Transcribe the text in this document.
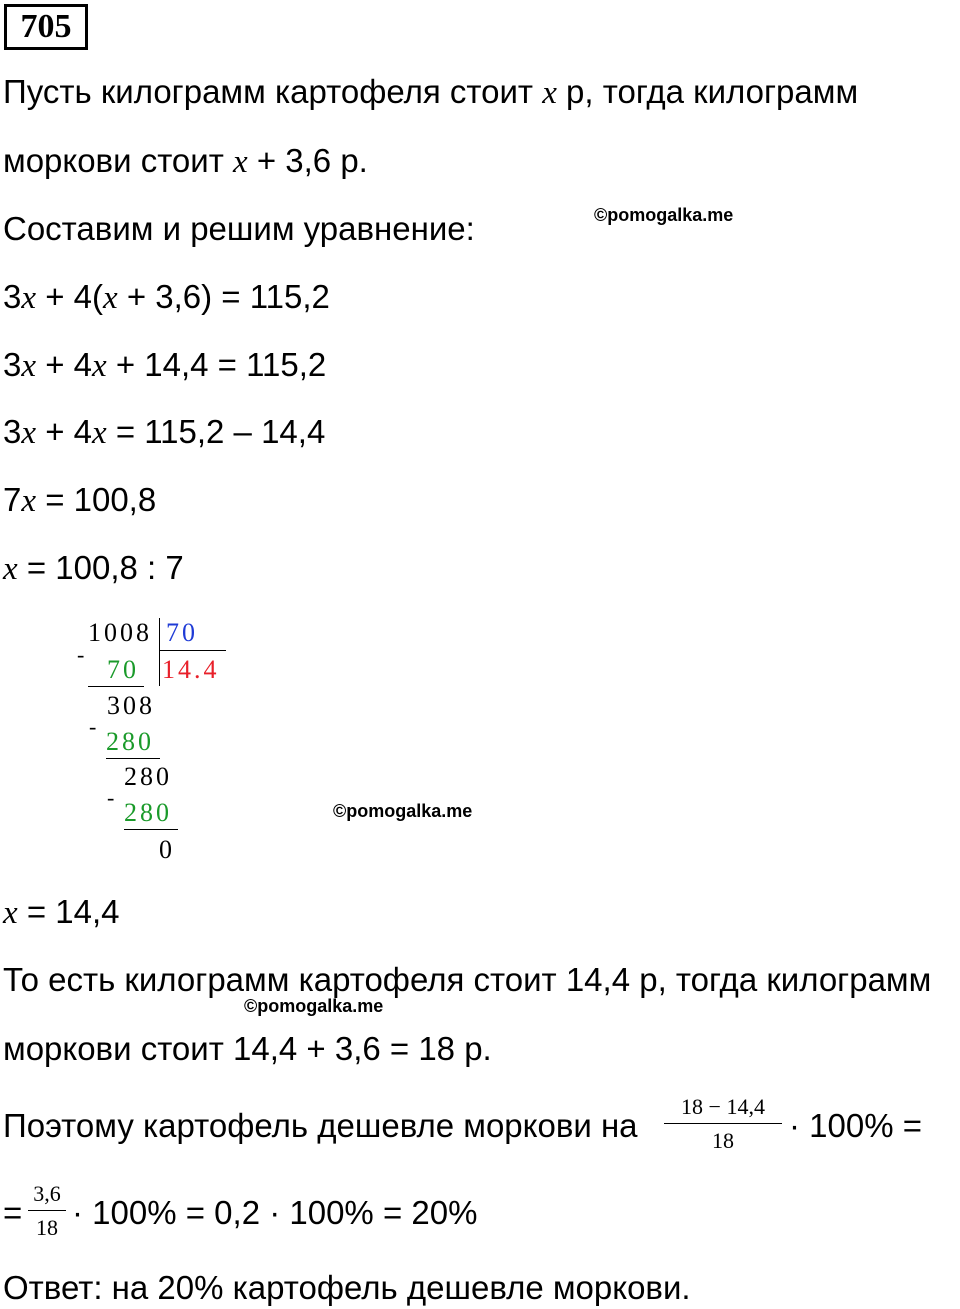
705
Пусть килограмм картофеля стоит x р, тогда килограмм
моркови стоит x + 3,6 р.
Составим и решим уравнение:	©pomogalka.me
3x + 4(x + 3,6) = 115,2
3x + 4x + 14,4 = 115,2
3x + 4x = 115,2 – 14,4
7x = 100,8
x = 100,8 : 7
1008 70
14.4
-
70
308
-
280
280
-
280
0
©pomogalka.me
x = 14,4
То есть килограмм картофеля стоит 14,4 р, тогда килограмм
©pomogalka.me
моркови стоит 14,4 + 3,6 = 18 р.
Поэтому картофель дешевле моркови на
18 − 14,4
18	· 100% =
=
3,6
18 · 100% = 0,2 · 100% = 20%
Ответ: на 20% картофель дешевле моркови.
